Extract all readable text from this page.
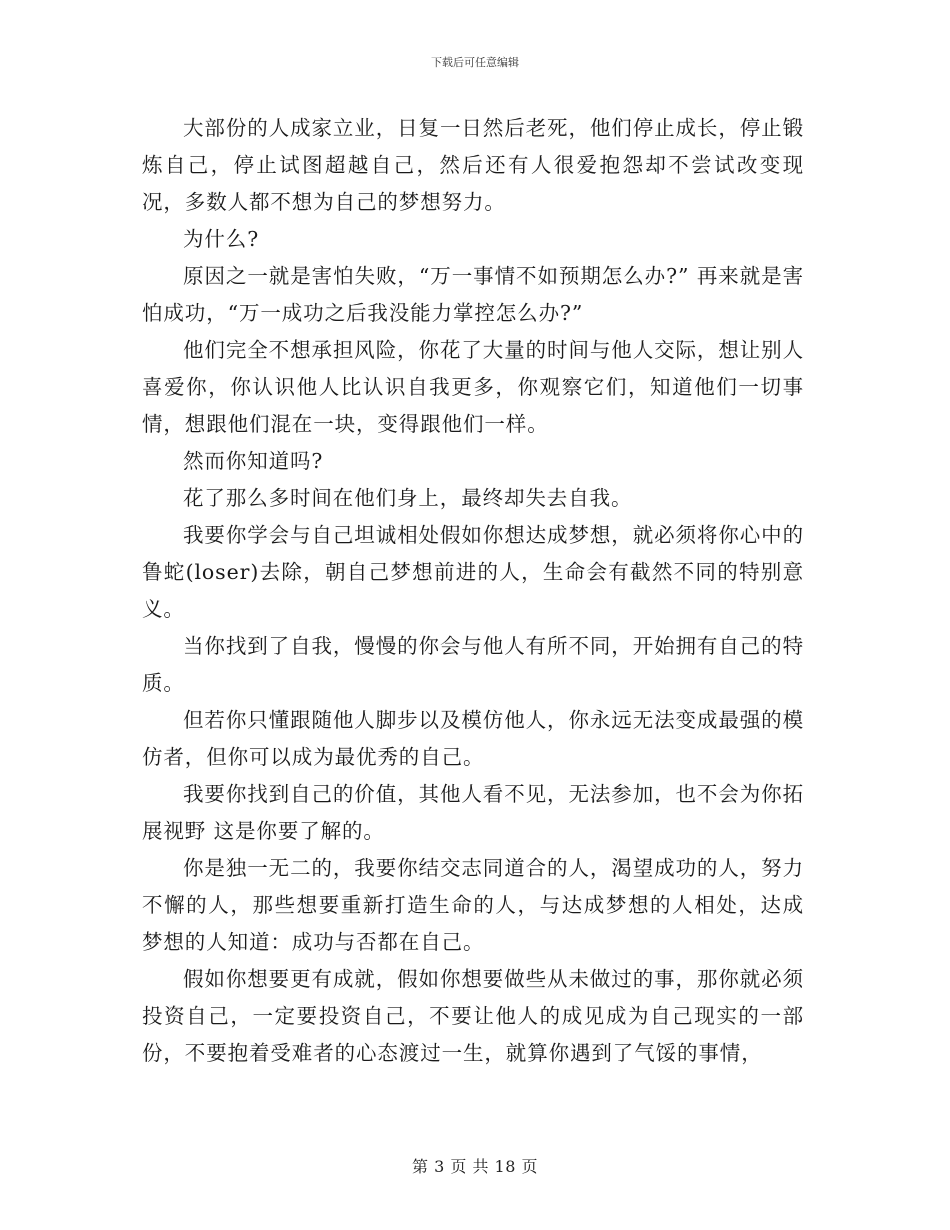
下载后可任意编辑

大部份的人成家立业，日复一日然后老死，他们停止成长，停止锻炼自己，停止试图超越自己，然后还有人很爱抱怨却不尝试改变现况，多数人都不想为自己的梦想努力。

为什么?

原因之一就是害怕失败，“万一事情不如预期怎么办?” 再来就是害怕成功，“万一成功之后我没能力掌控怎么办?”

他们完全不想承担风险，你花了大量的时间与他人交际，想让别人喜爱你，你认识他人比认识自我更多，你观察它们，知道他们一切事情，想跟他们混在一块，变得跟他们一样。

然而你知道吗?

花了那么多时间在他们身上，最终却失去自我。

我要你学会与自己坦诚相处假如你想达成梦想，就必须将你心中的鲁蛇(loser)去除，朝自己梦想前进的人，生命会有截然不同的特别意义。

当你找到了自我，慢慢的你会与他人有所不同，开始拥有自己的特质。

但若你只懂跟随他人脚步以及模仿他人，你永远无法变成最强的模仿者，但你可以成为最优秀的自己。

我要你找到自己的价值，其他人看不见，无法参加，也不会为你拓展视野 这是你要了解的。

你是独一无二的，我要你结交志同道合的人，渴望成功的人，努力不懈的人，那些想要重新打造生命的人，与达成梦想的人相处，达成梦想的人知道：成功与否都在自己。

假如你想要更有成就，假如你想要做些从未做过的事，那你就必须投资自己，一定要投资自己，不要让他人的成见成为自己现实的一部份，不要抱着受难者的心态渡过一生，就算你遇到了气馁的事情，

第 3 页 共 18 页
